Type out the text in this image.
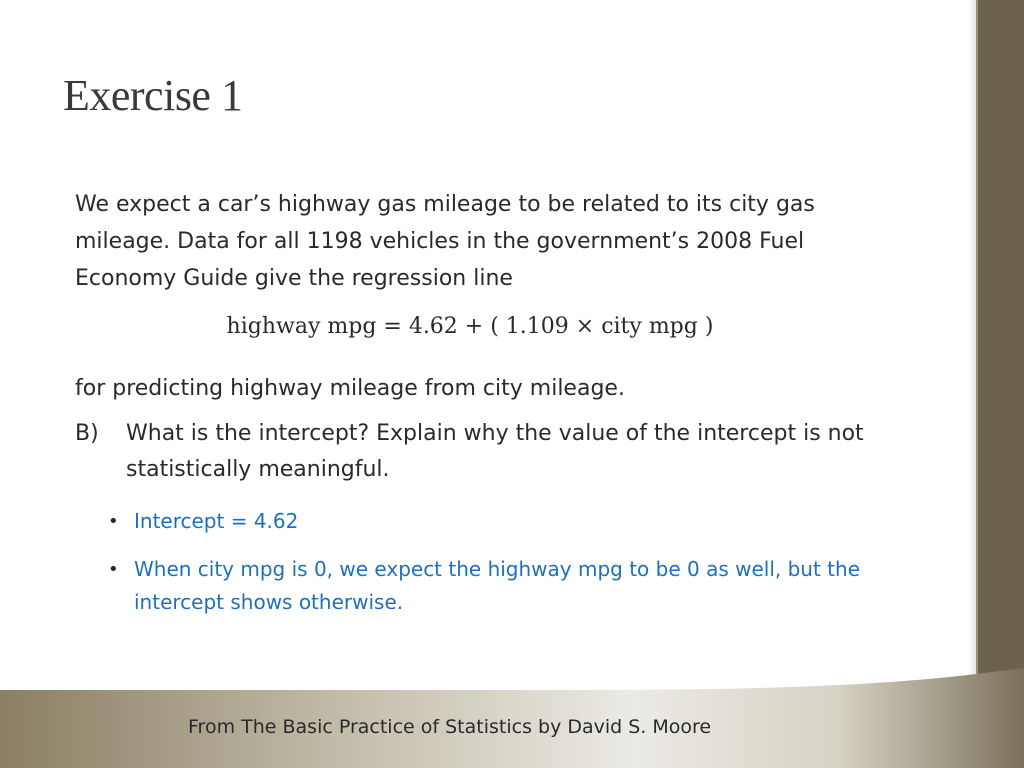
Exercise 1

We expect a car’s highway gas mileage to be related to its city gas mileage. Data for all 1198 vehicles in the government’s 2008 Fuel Economy Guide give the regression line

highway mpg = 4.62 + ( 1.109 × city mpg )

for predicting highway mileage from city mileage.

B) What is the intercept? Explain why the value of the intercept is not statistically meaningful.
• Intercept = 4.62
• When city mpg is 0, we expect the highway mpg to be 0 as well, but the intercept shows otherwise.
From The Basic Practice of Statistics by David S. Moore
